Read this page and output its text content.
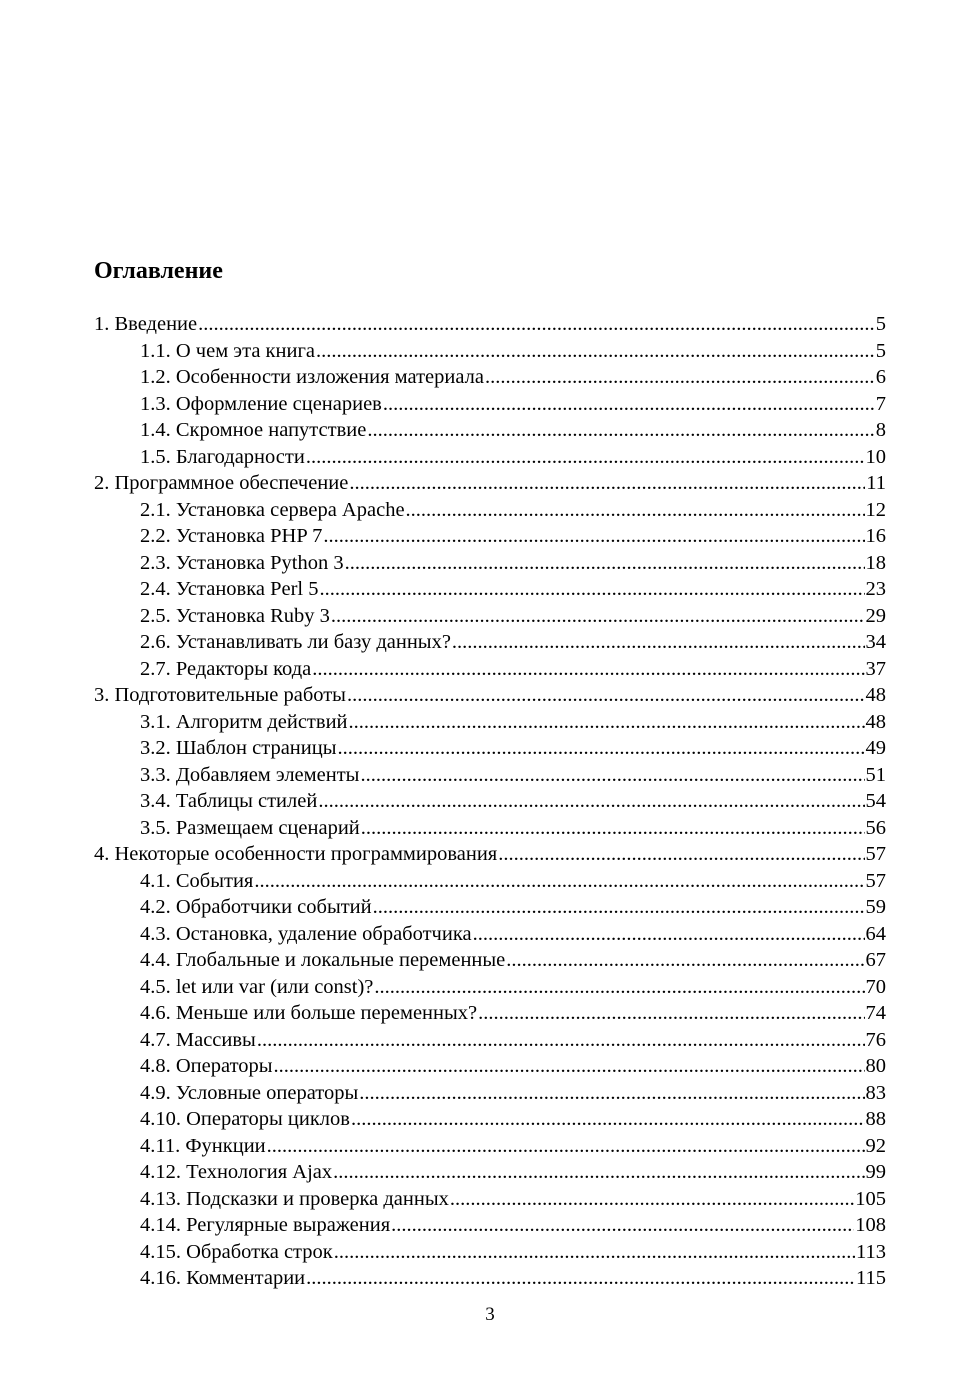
Оглавление
1. Введение .....	5
1.1. О чем эта книга .....	5
1.2. Особенности изложения материала .....	6
1.3. Оформление сценариев .....	7
1.4. Скромное напутствие .....	8
1.5. Благодарности .....	10
2. Программное обеспечение .....	11
2.1. Установка сервера Apache .....	12
2.2. Установка PHP 7 .....	16
2.3. Установка Python 3 .....	18
2.4. Установка Perl 5 .....	23
2.5. Установка Ruby 3 .....	29
2.6. Устанавливать ли базу данных? .....	34
2.7. Редакторы кода .....	37
3. Подготовительные работы .....	48
3.1. Алгоритм действий .....	48
3.2. Шаблон страницы .....	49
3.3. Добавляем элементы .....	51
3.4. Таблицы стилей .....	54
3.5. Размещаем сценарий .....	56
4. Некоторые особенности программирования .....	57
4.1. События .....	57
4.2. Обработчики событий .....	59
4.3. Остановка, удаление обработчика .....	64
4.4. Глобальные и локальные переменные .....	67
4.5. let или var (или const)? .....	70
4.6. Меньше или больше переменных? .....	74
4.7. Массивы .....	76
4.8. Операторы .....	80
4.9. Условные операторы .....	83
4.10. Операторы циклов .....	88
4.11. Функции .....	92
4.12. Технология Ajax .....	99
4.13. Подсказки и проверка данных .....	105
4.14. Регулярные выражения .....	108
4.15. Обработка строк .....	113
4.16. Комментарии .....	115
3
